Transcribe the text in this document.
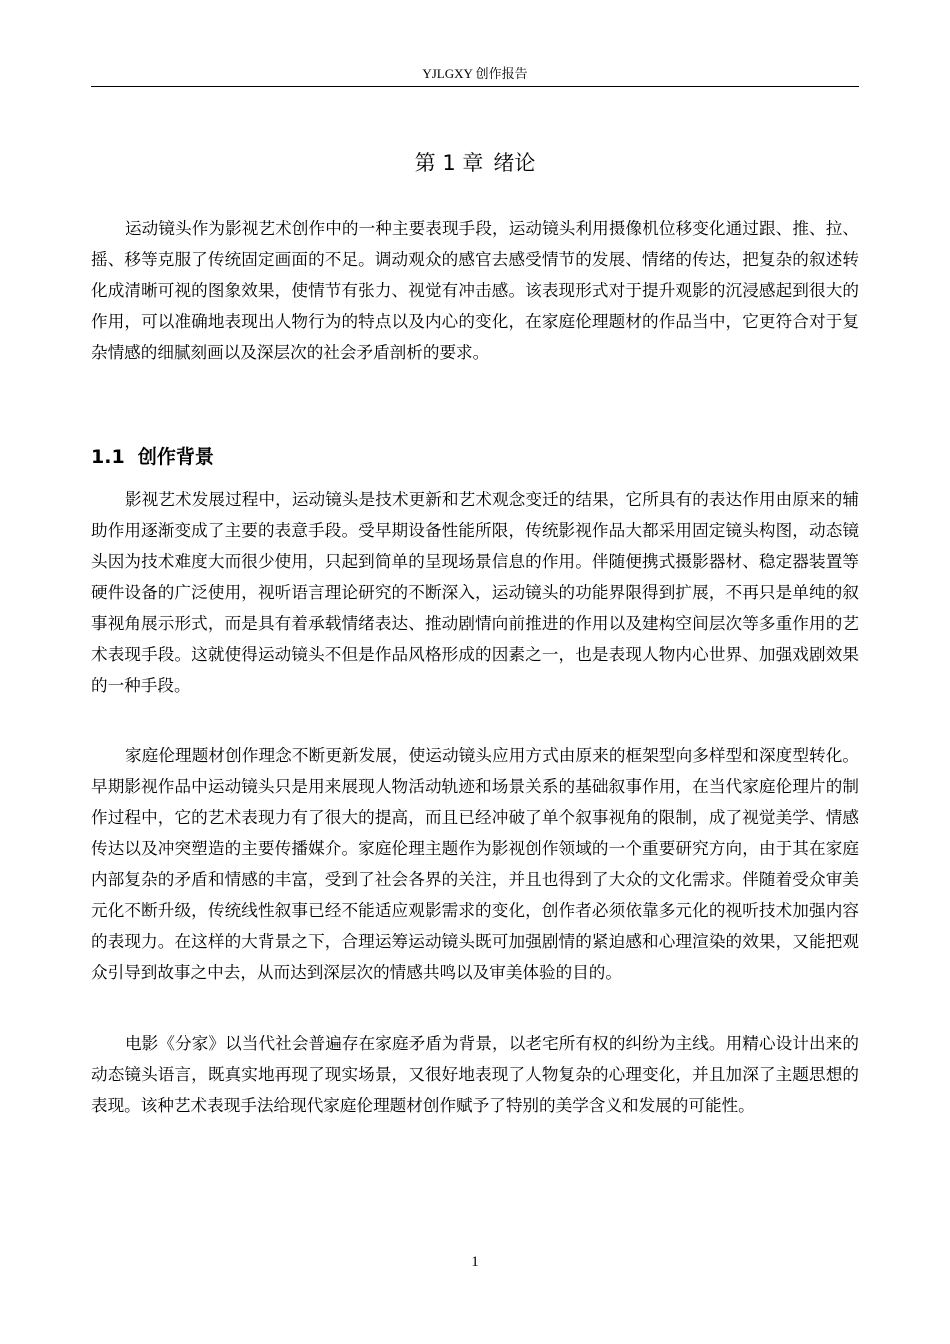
YJLGXY 创作报告
第 1 章 绪论

运动镜头作为影视艺术创作中的一种主要表现手段，运动镜头利用摄像机位移变化通过跟、推、拉、摇、移等克服了传统固定画面的不足。调动观众的感官去感受情节的发展、情绪的传达，把复杂的叙述转化成清晰可视的图象效果，使情节有张力、视觉有冲击感。该表现形式对于提升观影的沉浸感起到很大的作用，可以准确地表现出人物行为的特点以及内心的变化，在家庭伦理题材的作品当中，它更符合对于复杂情感的细腻刻画以及深层次的社会矛盾剖析的要求。

1.1 创作背景

影视艺术发展过程中，运动镜头是技术更新和艺术观念变迁的结果，它所具有的表达作用由原来的辅助作用逐渐变成了主要的表意手段。受早期设备性能所限，传统影视作品大都采用固定镜头构图，动态镜头因为技术难度大而很少使用，只起到简单的呈现场景信息的作用。伴随便携式摄影器材、稳定器装置等硬件设备的广泛使用，视听语言理论研究的不断深入，运动镜头的功能界限得到扩展，不再只是单纯的叙事视角展示形式，而是具有着承载情绪表达、推动剧情向前推进的作用以及建构空间层次等多重作用的艺术表现手段。这就使得运动镜头不但是作品风格形成的因素之一，也是表现人物内心世界、加强戏剧效果的一种手段。

家庭伦理题材创作理念不断更新发展，使运动镜头应用方式由原来的框架型向多样型和深度型转化。早期影视作品中运动镜头只是用来展现人物活动轨迹和场景关系的基础叙事作用，在当代家庭伦理片的制作过程中，它的艺术表现力有了很大的提高，而且已经冲破了单个叙事视角的限制，成了视觉美学、情感传达以及冲突塑造的主要传播媒介。家庭伦理主题作为影视创作领域的一个重要研究方向，由于其在家庭内部复杂的矛盾和情感的丰富，受到了社会各界的关注，并且也得到了大众的文化需求。伴随着受众审美元化不断升级，传统线性叙事已经不能适应观影需求的变化，创作者必须依靠多元化的视听技术加强内容的表现力。在这样的大背景之下，合理运筹运动镜头既可加强剧情的紧迫感和心理渲染的效果，又能把观众引导到故事之中去，从而达到深层次的情感共鸣以及审美体验的目的。

电影《分家》以当代社会普遍存在家庭矛盾为背景，以老宅所有权的纠纷为主线。用精心设计出来的动态镜头语言，既真实地再现了现实场景，又很好地表现了人物复杂的心理变化，并且加深了主题思想的表现。该种艺术表现手法给现代家庭伦理题材创作赋予了特别的美学含义和发展的可能性。

1
